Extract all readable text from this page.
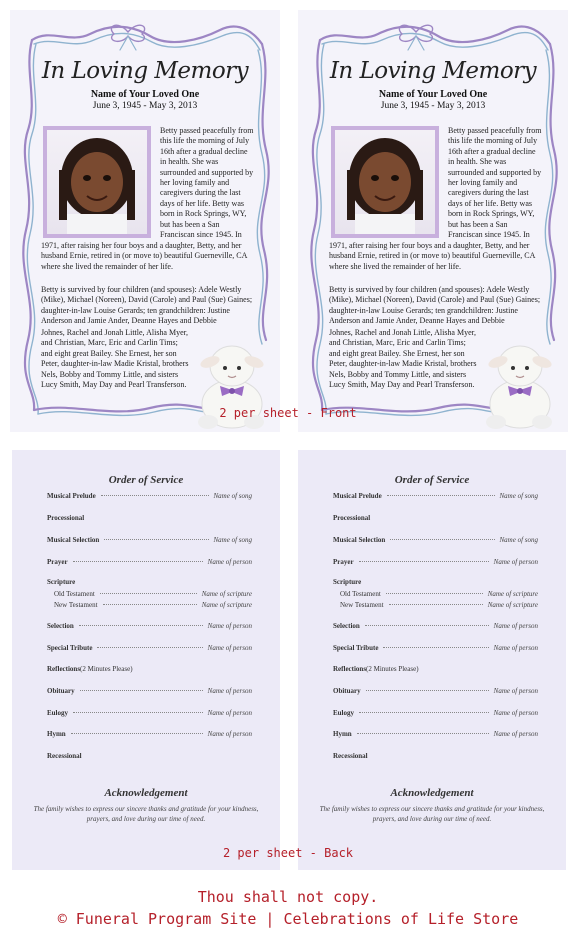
In Loving Memory
Name of Your Loved One
June 3, 1945 - May 3, 2013
Betty passed peacefully from this life the morning of July 16th after a gradual decline in health. She was surrounded and supported by her loving family and caregivers during the last days of her life. Betty was born in Rock Springs, WY, but has been a San Franciscan since 1945. In
1971, after raising her four boys and a daughter, Betty, and her husband Ernie, retired in (or move to) beautiful Guerneville, CA where she lived the remainder of her life.
Betty is survived by four children (and spouses): Adele Westly (Mike), Michael (Noreen), David (Carole) and Paul (Sue) Gaines; daughter-in-law Louise Gerards; ten grandchildren: Justine Anderson and Jamie Ander, Deanne Hayes and Debbie
Johnes, Rachel and Jonah Little, Alisha Myer, and Christian, Marc, Eric and Carlin Tims; and eight great Bailey. She Ernest, her son Peter, daughter-in-law Madie Kristal, brothers Nels, Bobby and Tommy Little, and sisters Lucy Smith, May Day and Pearl Transferson.
In Loving Memory
Name of Your Loved One
June 3, 1945 - May 3, 2013
Betty passed peacefully from this life the morning of July 16th after a gradual decline in health. She was surrounded and supported by her loving family and caregivers during the last days of her life. Betty was born in Rock Springs, WY, but has been a San Franciscan since 1945. In
1971, after raising her four boys and a daughter, Betty, and her husband Ernie, retired in (or move to) beautiful Guerneville, CA where she lived the remainder of her life.
Betty is survived by four children (and spouses): Adele Westly (Mike), Michael (Noreen), David (Carole) and Paul (Sue) Gaines; daughter-in-law Louise Gerards; ten grandchildren: Justine Anderson and Jamie Ander, Deanne Hayes and Debbie
Johnes, Rachel and Jonah Little, Alisha Myer, and Christian, Marc, Eric and Carlin Tims; and eight great Bailey. She Ernest, her son Peter, daughter-in-law Madie Kristal, brothers Nels, Bobby and Tommy Little, and sisters Lucy Smith, May Day and Pearl Transferson.
2 per sheet - Front
Order of Service
Musical Prelude	Name of song
Processional
Musical Selection	Name of song
Prayer	Name of person
Scripture
Old Testament	Name of scripture
New Testament	Name of scripture
Selection	Name of person
Special Tribute	Name of person
Reflections (2 Minutes Please)
Obituary	Name of person
Eulogy	Name of person
Hymn	Name of person
Recessional
Acknowledgement
The family wishes to express our sincere thanks and gratitude for your kindness, prayers, and love during our time of need.
Order of Service
Musical Prelude	Name of song
Processional
Musical Selection	Name of song
Prayer	Name of person
Scripture
Old Testament	Name of scripture
New Testament	Name of scripture
Selection	Name of person
Special Tribute	Name of person
Reflections (2 Minutes Please)
Obituary	Name of person
Eulogy	Name of person
Hymn	Name of person
Recessional
Acknowledgement
The family wishes to express our sincere thanks and gratitude for your kindness, prayers, and love during our time of need.
2 per sheet - Back
Thou shall not copy.
© Funeral Program Site | Celebrations of Life Store
